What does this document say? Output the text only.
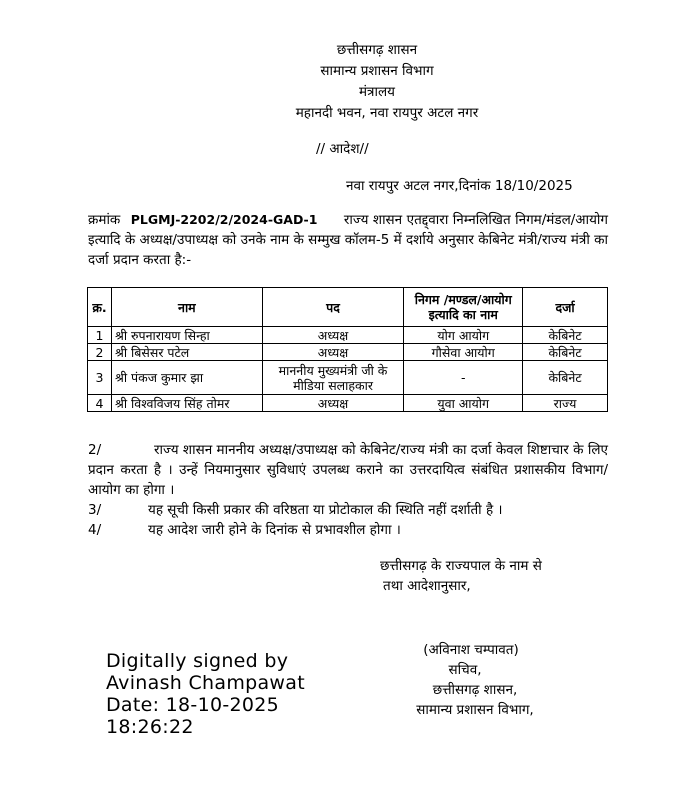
छत्तीसगढ़ शासन
सामान्य प्रशासन विभाग
मंत्रालय
महानदी भवन, नवा रायपुर अटल नगर
// आदेश//
नवा रायपुर अटल नगर,दिनांक 18/10/2025
क्रमांक PLGMJ-2202/2/2024-GAD-1 राज्य शासन एतद्द्वारा निम्नलिखित निगम/मंडल/आयोग इत्यादि के अध्यक्ष/उपाध्यक्ष को उनके नाम के सम्मुख कॉलम-5 में दर्शाये अनुसार केबिनेट मंत्री/राज्य मंत्री का दर्जा प्रदान करता है:-
क्र.	नाम	पद	निगम /मण्डल/आयोग इत्यादि का नाम	दर्जा
1	श्री रुपनारायण सिन्हा	अध्यक्ष	योग आयोग	केबिनेट
2	श्री बिसेसर पटेल	अध्यक्ष	गौसेवा आयोग	केबिनेट
3	श्री पंकज कुमार झा	माननीय मुख्यमंत्री जी के मीडिया सलाहकार	-	केबिनेट
4	श्री विश्वविजय सिंह तोमर	अध्यक्ष	युवा आयोग	राज्य
2/	राज्य शासन माननीय अध्यक्ष/उपाध्यक्ष को केबिनेट/राज्य मंत्री का दर्जा केवल शिष्टाचार के लिए प्रदान करता है । उन्हें नियमानुसार सुविधाएं उपलब्ध कराने का उत्तरदायित्व संबंधित प्रशासकीय विभाग/आयोग का होगा ।
3/	यह सूची किसी प्रकार की वरिष्ठता या प्रोटोकाल की स्थिति नहीं दर्शाती है ।
4/	यह आदेश जारी होने के दिनांक से प्रभावशील होगा ।
छत्तीसगढ़ के राज्यपाल के नाम से
तथा आदेशानुसार,
Digitally signed by
Avinash Champawat
Date: 18-10-2025
18:26:22
(अविनाश चम्पावत)
सचिव,
छत्तीसगढ़ शासन,
सामान्य प्रशासन विभाग,
